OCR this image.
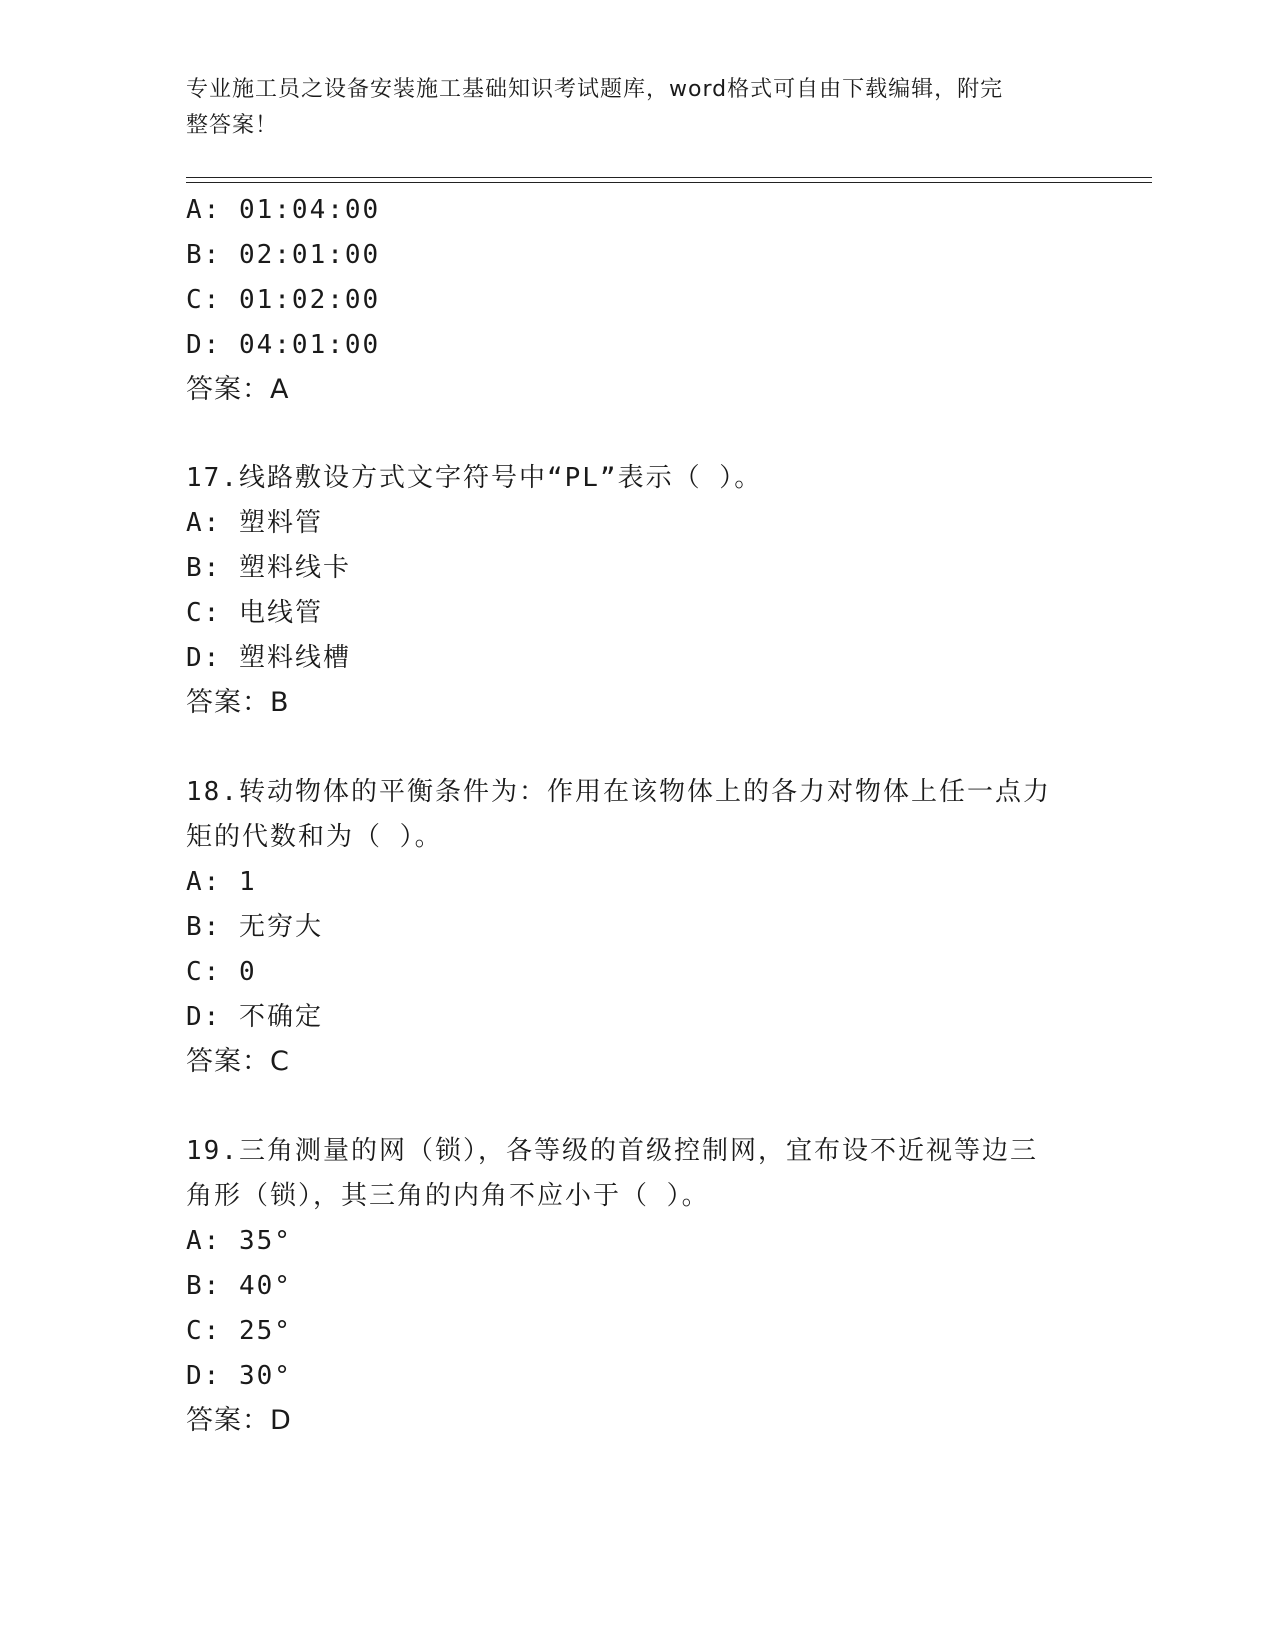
专业施工员之设备安装施工基础知识考试题库，word格式可自由下载编辑，附完
整答案！
A: 01:04:00
B: 02:01:00
C: 01:02:00
D: 04:01:00
答案：A
17.线路敷设方式文字符号中“PL”表示（ ）。
A: 塑料管
B: 塑料线卡
C: 电线管
D: 塑料线槽
答案：B
18.转动物体的平衡条件为：作用在该物体上的各力对物体上任一点力
矩的代数和为（ ）。
A: 1
B: 无穷大
C: 0
D: 不确定
答案：C
19.三角测量的网（锁），各等级的首级控制网，宜布设不近视等边三
角形（锁），其三角的内角不应小于（ ）。
A: 35°
B: 40°
C: 25°
D: 30°
答案：D
